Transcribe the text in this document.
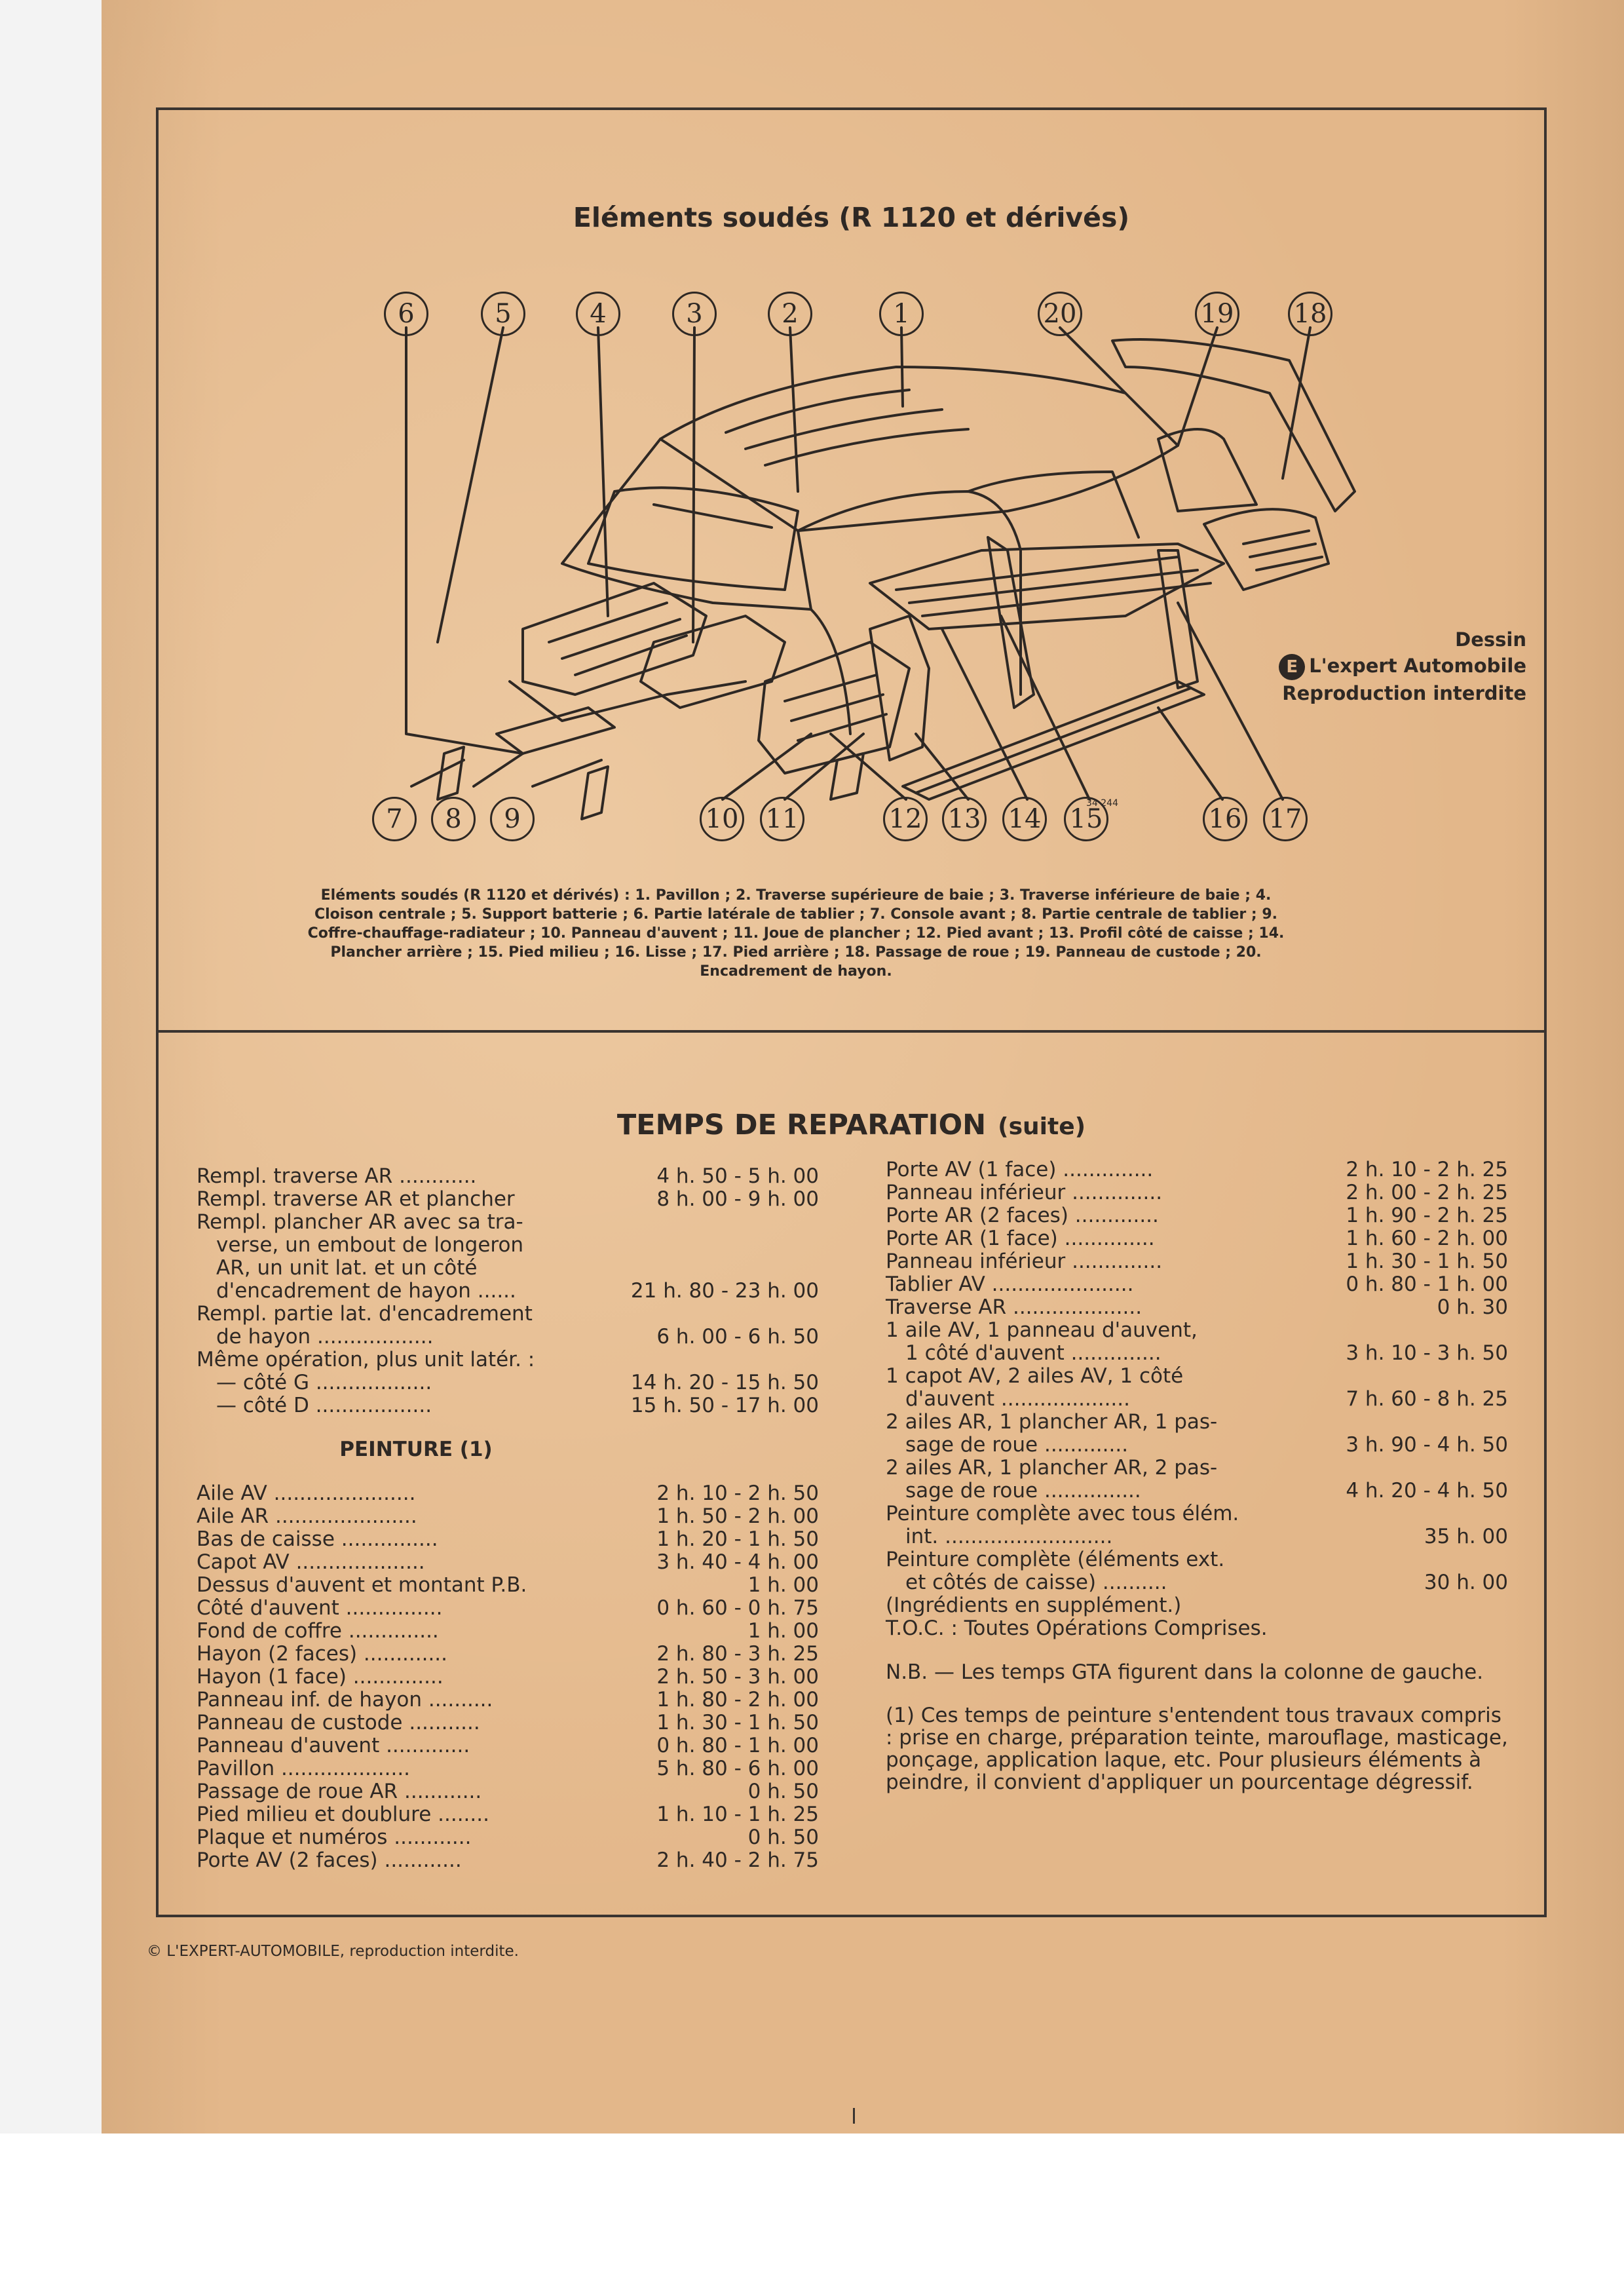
Eléments soudés (R 1120 et dérivés)
34 244
6	5	4	3	2	1	20	19 18
7	8	9	10 11	12 13 14 15	16 17
Dessin
E L'expert Automobile
Reproduction interdite
Eléments soudés (R 1120 et dérivés) : 1. Pavillon ; 2. Traverse supérieure de baie ; 3. Traverse inférieure de baie ; 4. Cloison centrale ; 5. Support batterie ; 6. Partie latérale de tablier ; 7. Console avant ; 8. Partie centrale de tablier ; 9. Coffre-chauffage-radiateur ; 10. Panneau d'auvent ; 11. Joue de plancher ; 12. Pied avant ; 13. Profil côté de caisse ; 14. Plancher arrière ; 15. Pied milieu ; 16. Lisse ; 17. Pied arrière ; 18. Passage de roue ; 19. Panneau de custode ; 20. Encadrement de hayon.
TEMPS DE REPARATION (suite)
Rempl. traverse AR ............	4 h. 50 - 5 h. 00
Rempl. traverse AR et plancher	8 h. 00 - 9 h. 00
Rempl. plancher AR avec sa tra-
verse, un embout de longeron
AR, un unit lat. et un côté
d'encadrement de hayon ......	21 h. 80 - 23 h. 00
Rempl. partie lat. d'encadrement
de hayon ..................	6 h. 00 - 6 h. 50
Même opération, plus unit latér. :
— côté G ..................	14 h. 20 - 15 h. 50
— côté D ..................	15 h. 50 - 17 h. 00
PEINTURE (1)
Aile AV ......................	2 h. 10 - 2 h. 50
Aile AR ......................	1 h. 50 - 2 h. 00
Bas de caisse ...............	1 h. 20 - 1 h. 50
Capot AV ....................	3 h. 40 - 4 h. 00
Dessus d'auvent et montant P.B.	1 h. 00
Côté d'auvent ...............	0 h. 60 - 0 h. 75
Fond de coffre ..............	1 h. 00
Hayon (2 faces) .............	2 h. 80 - 3 h. 25
Hayon (1 face) ..............	2 h. 50 - 3 h. 00
Panneau inf. de hayon ..........	1 h. 80 - 2 h. 00
Panneau de custode ...........	1 h. 30 - 1 h. 50
Panneau d'auvent .............	0 h. 80 - 1 h. 00
Pavillon ....................	5 h. 80 - 6 h. 00
Passage de roue AR ............	0 h. 50
Pied milieu et doublure ........	1 h. 10 - 1 h. 25
Plaque et numéros ............	0 h. 50
Porte AV (2 faces) ............	2 h. 40 - 2 h. 75
Porte AV (1 face) ..............	2 h. 10 - 2 h. 25
Panneau inférieur ..............	2 h. 00 - 2 h. 25
Porte AR (2 faces) .............	1 h. 90 - 2 h. 25
Porte AR (1 face) ..............	1 h. 60 - 2 h. 00
Panneau inférieur ..............	1 h. 30 - 1 h. 50
Tablier AV ......................	0 h. 80 - 1 h. 00
Traverse AR ....................	0 h. 30
1 aile AV, 1 panneau d'auvent,
1 côté d'auvent ..............	3 h. 10 - 3 h. 50
1 capot AV, 2 ailes AV, 1 côté
d'auvent ....................	7 h. 60 - 8 h. 25
2 ailes AR, 1 plancher AR, 1 pas-
sage de roue .............	3 h. 90 - 4 h. 50
2 ailes AR, 1 plancher AR, 2 pas-
sage de roue ...............	4 h. 20 - 4 h. 50
Peinture complète avec tous élém.
int. ..........................	35 h. 00
Peinture complète (éléments ext.
et côtés de caisse) ..........	30 h. 00
(Ingrédients en supplément.)
T.O.C. : Toutes Opérations Comprises.
N.B. — Les temps GTA figurent dans la colonne de gauche.
(1) Ces temps de peinture s'entendent tous travaux compris : prise en charge, préparation teinte, marouflage, masticage, ponçage, application laque, etc. Pour plusieurs éléments à peindre, il convient d'appliquer un pourcentage dégressif.
© L'EXPERT-AUTOMOBILE, reproduction interdite.
